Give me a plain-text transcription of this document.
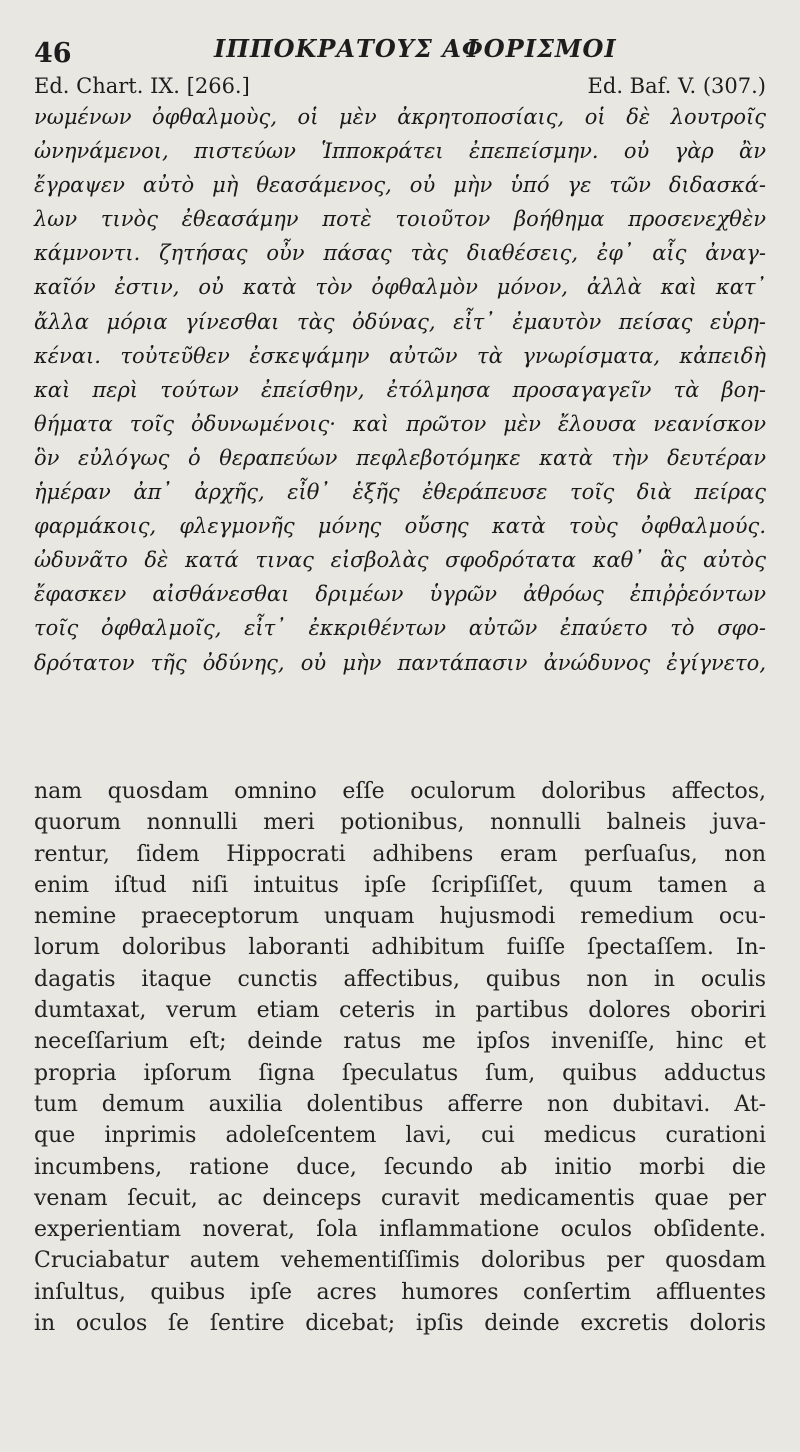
46	ΙΠΠΟΚΡΑΤΟΥΣ ΑΦΟΡΙΣΜΟΙ
Ed. Chart. IX. [266.]	Ed. Baf. V. (307.)
νωμένων ὀφθαλμοὺς, οἱ μὲν ἀκρητοποσίαις, οἱ δὲ λουτροῖς
ὠνηνάμενοι, πιστεύων Ἱπποκράτει ἐπεπείσμην. οὐ γὰρ ἂν
ἔγραψεν αὐτὸ μὴ θεασάμενος, οὐ μὴν ὑπό γε τῶν διδασκά-
λων τινὸς ἐθεασάμην ποτὲ τοιοῦτον βοήθημα προσενεχθὲν
κάμνοντι. ζητήσας οὖν πάσας τὰς διαθέσεις, ἐφ᾽ αἷς ἀναγ-
καῖόν ἐστιν, οὐ κατὰ τὸν ὀφθαλμὸν μόνον, ἀλλὰ καὶ κατ᾽
ἄλλα μόρια γίνεσθαι τὰς ὀδύνας, εἶτ᾽ ἐμαυτὸν πείσας εὑρη-
κέναι. τοὐτεῦθεν ἐσκεψάμην αὐτῶν τὰ γνωρίσματα, κἀπειδὴ
καὶ περὶ τούτων ἐπείσθην, ἐτόλμησα προσαγαγεῖν τὰ βοη-
θήματα τοῖς ὀδυνωμένοις· καὶ πρῶτον μὲν ἔλουσα νεανίσκον
ὃν εὐλόγως ὁ θεραπεύων πεφλεβοτόμηκε κατὰ τὴν δευτέραν
ἡμέραν ἀπ᾽ ἀρχῆς, εἶθ᾽ ἑξῆς ἐθεράπευσε τοῖς διὰ πείρας
φαρμάκοις, φλεγμονῆς μόνης οὔσης κατὰ τοὺς ὀφθαλμούς.
ὠδυνᾶτο δὲ κατά τινας εἰσβολὰς σφοδρότατα καθ᾽ ἃς αὐτὸς
ἔφασκεν αἰσθάνεσθαι δριμέων ὑγρῶν ἀθρόως ἐπιῤῥεόντων
τοῖς ὀφθαλμοῖς, εἶτ᾽ ἐκκριθέντων αὐτῶν ἐπαύετο τὸ σφο-
δρότατον τῆς ὀδύνης, οὐ μὴν παντάπασιν ἀνώδυνος ἐγίγνετο,
nam quosdam omnino eſſe oculorum doloribus affectos,
quorum nonnulli meri potionibus, nonnulli balneis juva-
rentur, ſidem Hippocrati adhibens eram perſuaſus, non
enim iſtud niſi intuitus ipſe ſcripſiſſet, quum tamen a
nemine praeceptorum unquam hujusmodi remedium ocu-
lorum doloribus laboranti adhibitum fuiſſe ſpectaſſem. In-
dagatis itaque cunctis affectibus, quibus non in oculis
dumtaxat, verum etiam ceteris in partibus dolores oboriri
neceſſarium eſt; deinde ratus me ipſos inveniſſe, hinc et
propria ipſorum ſigna ſpeculatus ſum, quibus adductus
tum demum auxilia dolentibus afferre non dubitavi. At-
que inprimis adoleſcentem lavi, cui medicus curationi
incumbens, ratione duce, ſecundo ab initio morbi die
venam ſecuit, ac deinceps curavit medicamentis quae per
experientiam noverat, ſola inflammatione oculos obſidente.
Cruciabatur autem vehementiſſimis doloribus per quosdam
inſultus, quibus ipſe acres humores conſertim affluentes
in oculos ſe ſentire dicebat; ipſis deinde excretis doloris
